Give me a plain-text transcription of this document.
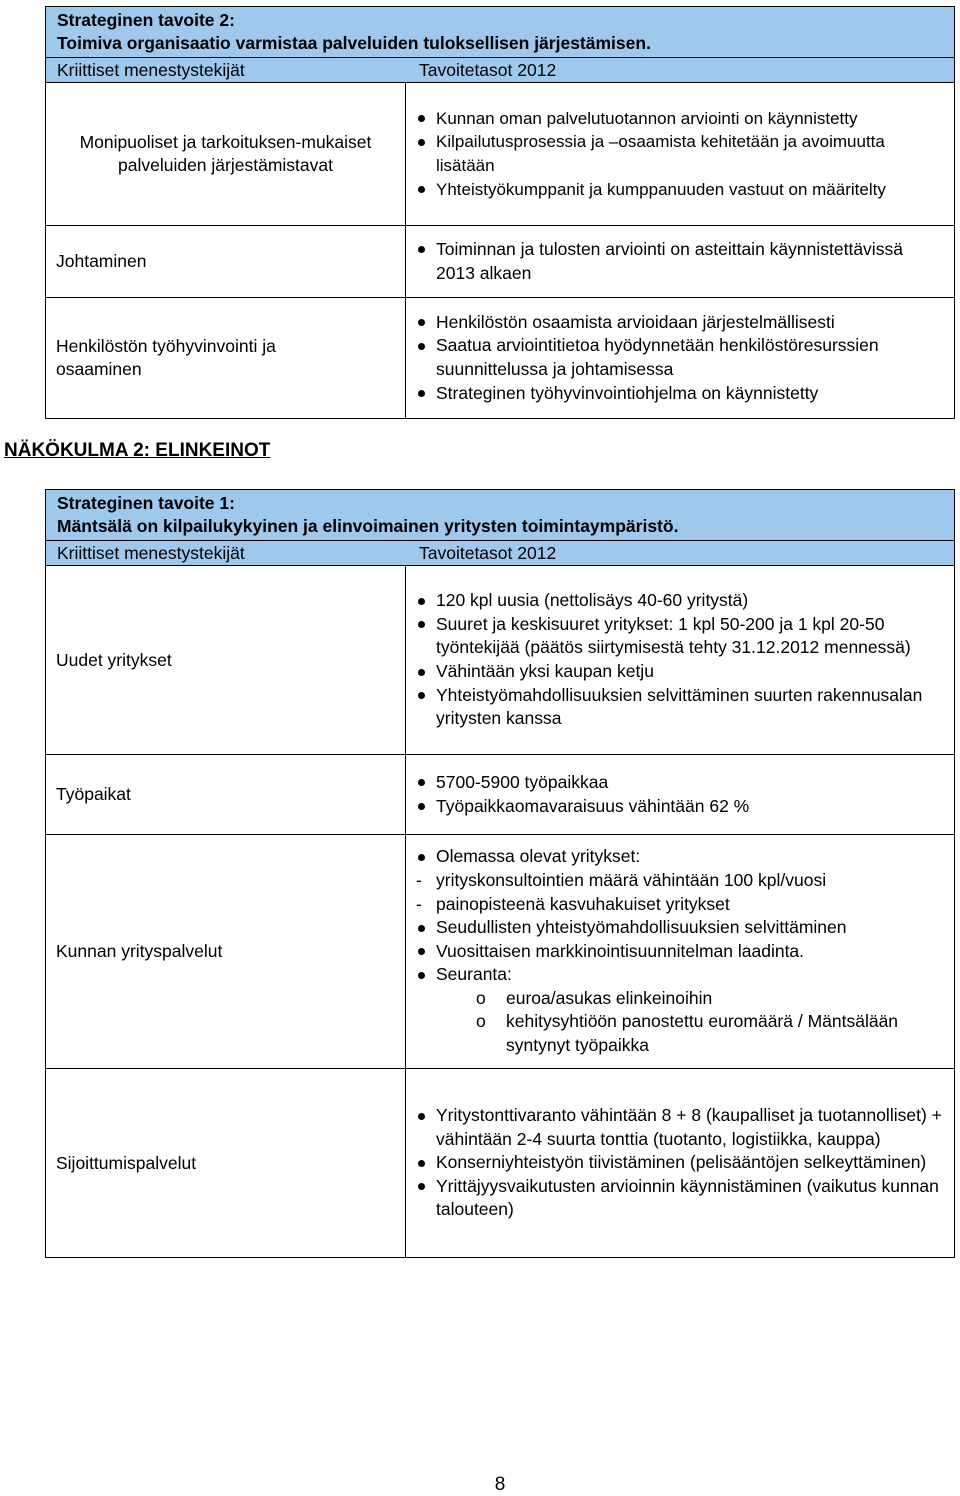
Strateginen tavoite 2:
Toimiva organisaatio varmistaa palveluiden tuloksellisen järjestämisen.
Kriittiset menestystekijät	Tavoitetasot 2012
Monipuoliset ja tarkoituksen-mukaiset palveluiden järjestämistavat
Kunnan oman palvelutuotannon arviointi on käynnistetty
Kilpailutusprosessia ja –osaamista kehitetään ja avoimuutta lisätään
Yhteistyökumppanit ja kumppanuuden vastuut on määritelty
Johtaminen
Toiminnan ja tulosten arviointi on asteittain käynnistettävissä 2013 alkaen
Henkilöstön työhyvinvointi ja osaaminen
Henkilöstön osaamista arvioidaan järjestelmällisesti
Saatua arviointitietoa hyödynnetään henkilöstöresurssien suunnittelussa ja johtamisessa
Strateginen työhyvinvointiohjelma on käynnistetty
NÄKÖKULMA 2: ELINKEINOT
Strateginen tavoite 1:
Mäntsälä on kilpailukykyinen ja elinvoimainen yritysten toimintaympäristö.
Kriittiset menestystekijät	Tavoitetasot 2012
Uudet yritykset
120 kpl uusia (nettolisäys 40-60 yritystä)
Suuret ja keskisuuret yritykset: 1 kpl 50-200 ja 1 kpl 20-50 työntekijää (päätös siirtymisestä tehty 31.12.2012 mennessä)
Vähintään yksi kaupan ketju
Yhteistyömahdollisuuksien selvittäminen suurten rakennusalan yritysten kanssa
Työpaikat
5700-5900 työpaikkaa
Työpaikkaomavaraisuus vähintään 62 %
Kunnan yrityspalvelut
Olemassa olevat yritykset:
- yrityskonsultointien määrä vähintään 100 kpl/vuosi
- painopisteenä kasvuhakuiset yritykset
Seudullisten yhteistyömahdollisuuksien selvittäminen
Vuosittaisen markkinointisuunnitelman laadinta.
Seuranta:
o euroa/asukas elinkeinoihin
o kehitysyhtiöön panostettu euromäärä / Mäntsälään syntynyt työpaikka
Sijoittumispalvelut
Yritystonttivaranto vähintään 8 + 8 (kaupalliset ja tuotannolliset) + vähintään 2-4 suurta tonttia (tuotanto, logistiikka, kauppa)
Konserniyhteistyön tiivistäminen (pelisääntöjen selkeyttäminen)
Yrittäjyysvaikutusten arvioinnin käynnistäminen (vaikutus kunnan talouteen)
8
